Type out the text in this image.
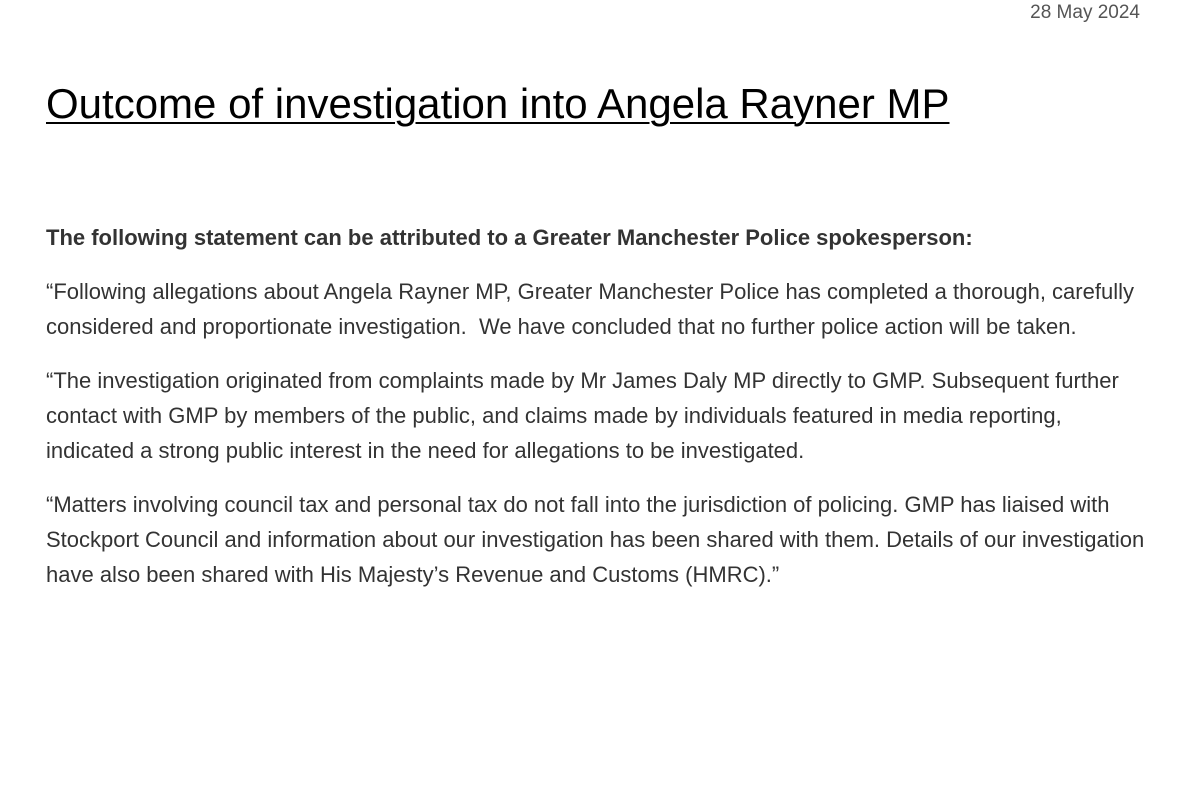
28 May 2024

Outcome of investigation into Angela Rayner MP

The following statement can be attributed to a Greater Manchester Police spokesperson:

“Following allegations about Angela Rayner MP, Greater Manchester Police has completed a thorough, carefully considered and proportionate investigation.  We have concluded that no further police action will be taken.

“The investigation originated from complaints made by Mr James Daly MP directly to GMP. Subsequent further contact with GMP by members of the public, and claims made by individuals featured in media reporting, indicated a strong public interest in the need for allegations to be investigated.

“Matters involving council tax and personal tax do not fall into the jurisdiction of policing. GMP has liaised with Stockport Council and information about our investigation has been shared with them. Details of our investigation have also been shared with His Majesty’s Revenue and Customs (HMRC).”
